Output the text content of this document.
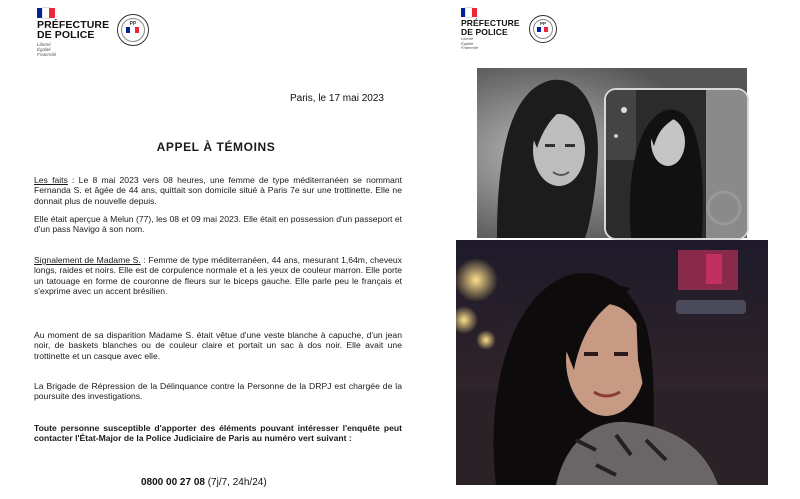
PRÉFECTURE
DE POLICE
Liberté
Égalité
Fraternité
PP
Paris, le 17 mai 2023
APPEL À TÉMOINS
Les faits : Le 8 mai 2023 vers 08 heures, une femme de type méditerranéen se nommant Fernanda S. et âgée de 44 ans, quittait son domicile situé à Paris 7e sur une trottinette. Elle ne donnait plus de nouvelle depuis.
Elle était aperçue à Melun (77), les 08 et 09 mai 2023. Elle était en possession d'un passeport et d'un pass Navigo à son nom.
Signalement de Madame S. : Femme de type méditerranéen, 44 ans, mesurant 1,64m, cheveux longs, raides et noirs. Elle est de corpulence normale et a les yeux de couleur marron. Elle porte un tatouage en forme de couronne de fleurs sur le biceps gauche. Elle parle peu le français et s'exprime avec un accent brésilien.
Au moment de sa disparition Madame S. était vêtue d'une veste blanche à capuche, d'un jean noir, de baskets blanches ou de couleur claire et portait un sac à dos noir. Elle avait une trottinette et un casque avec elle.
La Brigade de Répression de la Délinquance contre la Personne de la DRPJ est chargée de la poursuite des investigations.
Toute personne susceptible d'apporter des éléments pouvant intéresser l'enquête peut contacter l'État-Major de la Police Judiciaire de Paris au numéro vert suivant :
0800 00 27 08 (7j/7, 24h/24)
PRÉFECTURE
DE POLICE
Liberté
Égalité
Fraternité
PP
